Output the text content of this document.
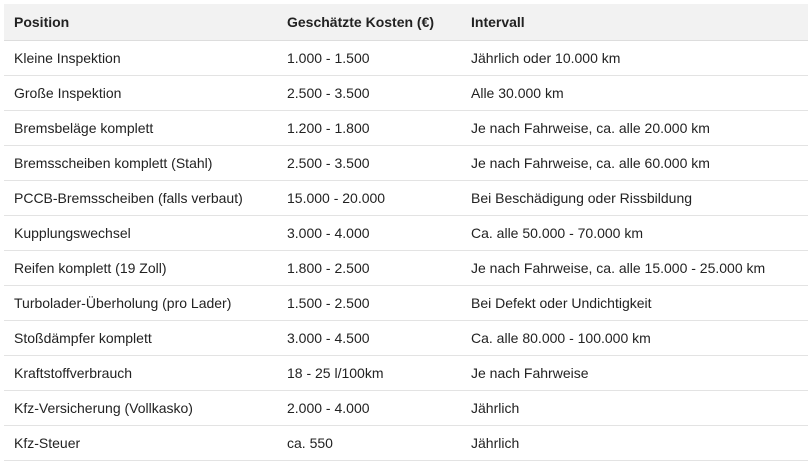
Position	Geschätzte Kosten (€)	Intervall
Kleine Inspektion	1.000 - 1.500	Jährlich oder 10.000 km
Große Inspektion	2.500 - 3.500	Alle 30.000 km
Bremsbeläge komplett	1.200 - 1.800	Je nach Fahrweise, ca. alle 20.000 km
Bremsscheiben komplett (Stahl)	2.500 - 3.500	Je nach Fahrweise, ca. alle 60.000 km
PCCB-Bremsscheiben (falls verbaut)	15.000 - 20.000	Bei Beschädigung oder Rissbildung
Kupplungswechsel	3.000 - 4.000	Ca. alle 50.000 - 70.000 km
Reifen komplett (19 Zoll)	1.800 - 2.500	Je nach Fahrweise, ca. alle 15.000 - 25.000 km
Turbolader-Überholung (pro Lader)	1.500 - 2.500	Bei Defekt oder Undichtigkeit
Stoßdämpfer komplett	3.000 - 4.500	Ca. alle 80.000 - 100.000 km
Kraftstoffverbrauch	18 - 25 l/100km	Je nach Fahrweise
Kfz-Versicherung (Vollkasko)	2.000 - 4.000	Jährlich
Kfz-Steuer	ca. 550	Jährlich
